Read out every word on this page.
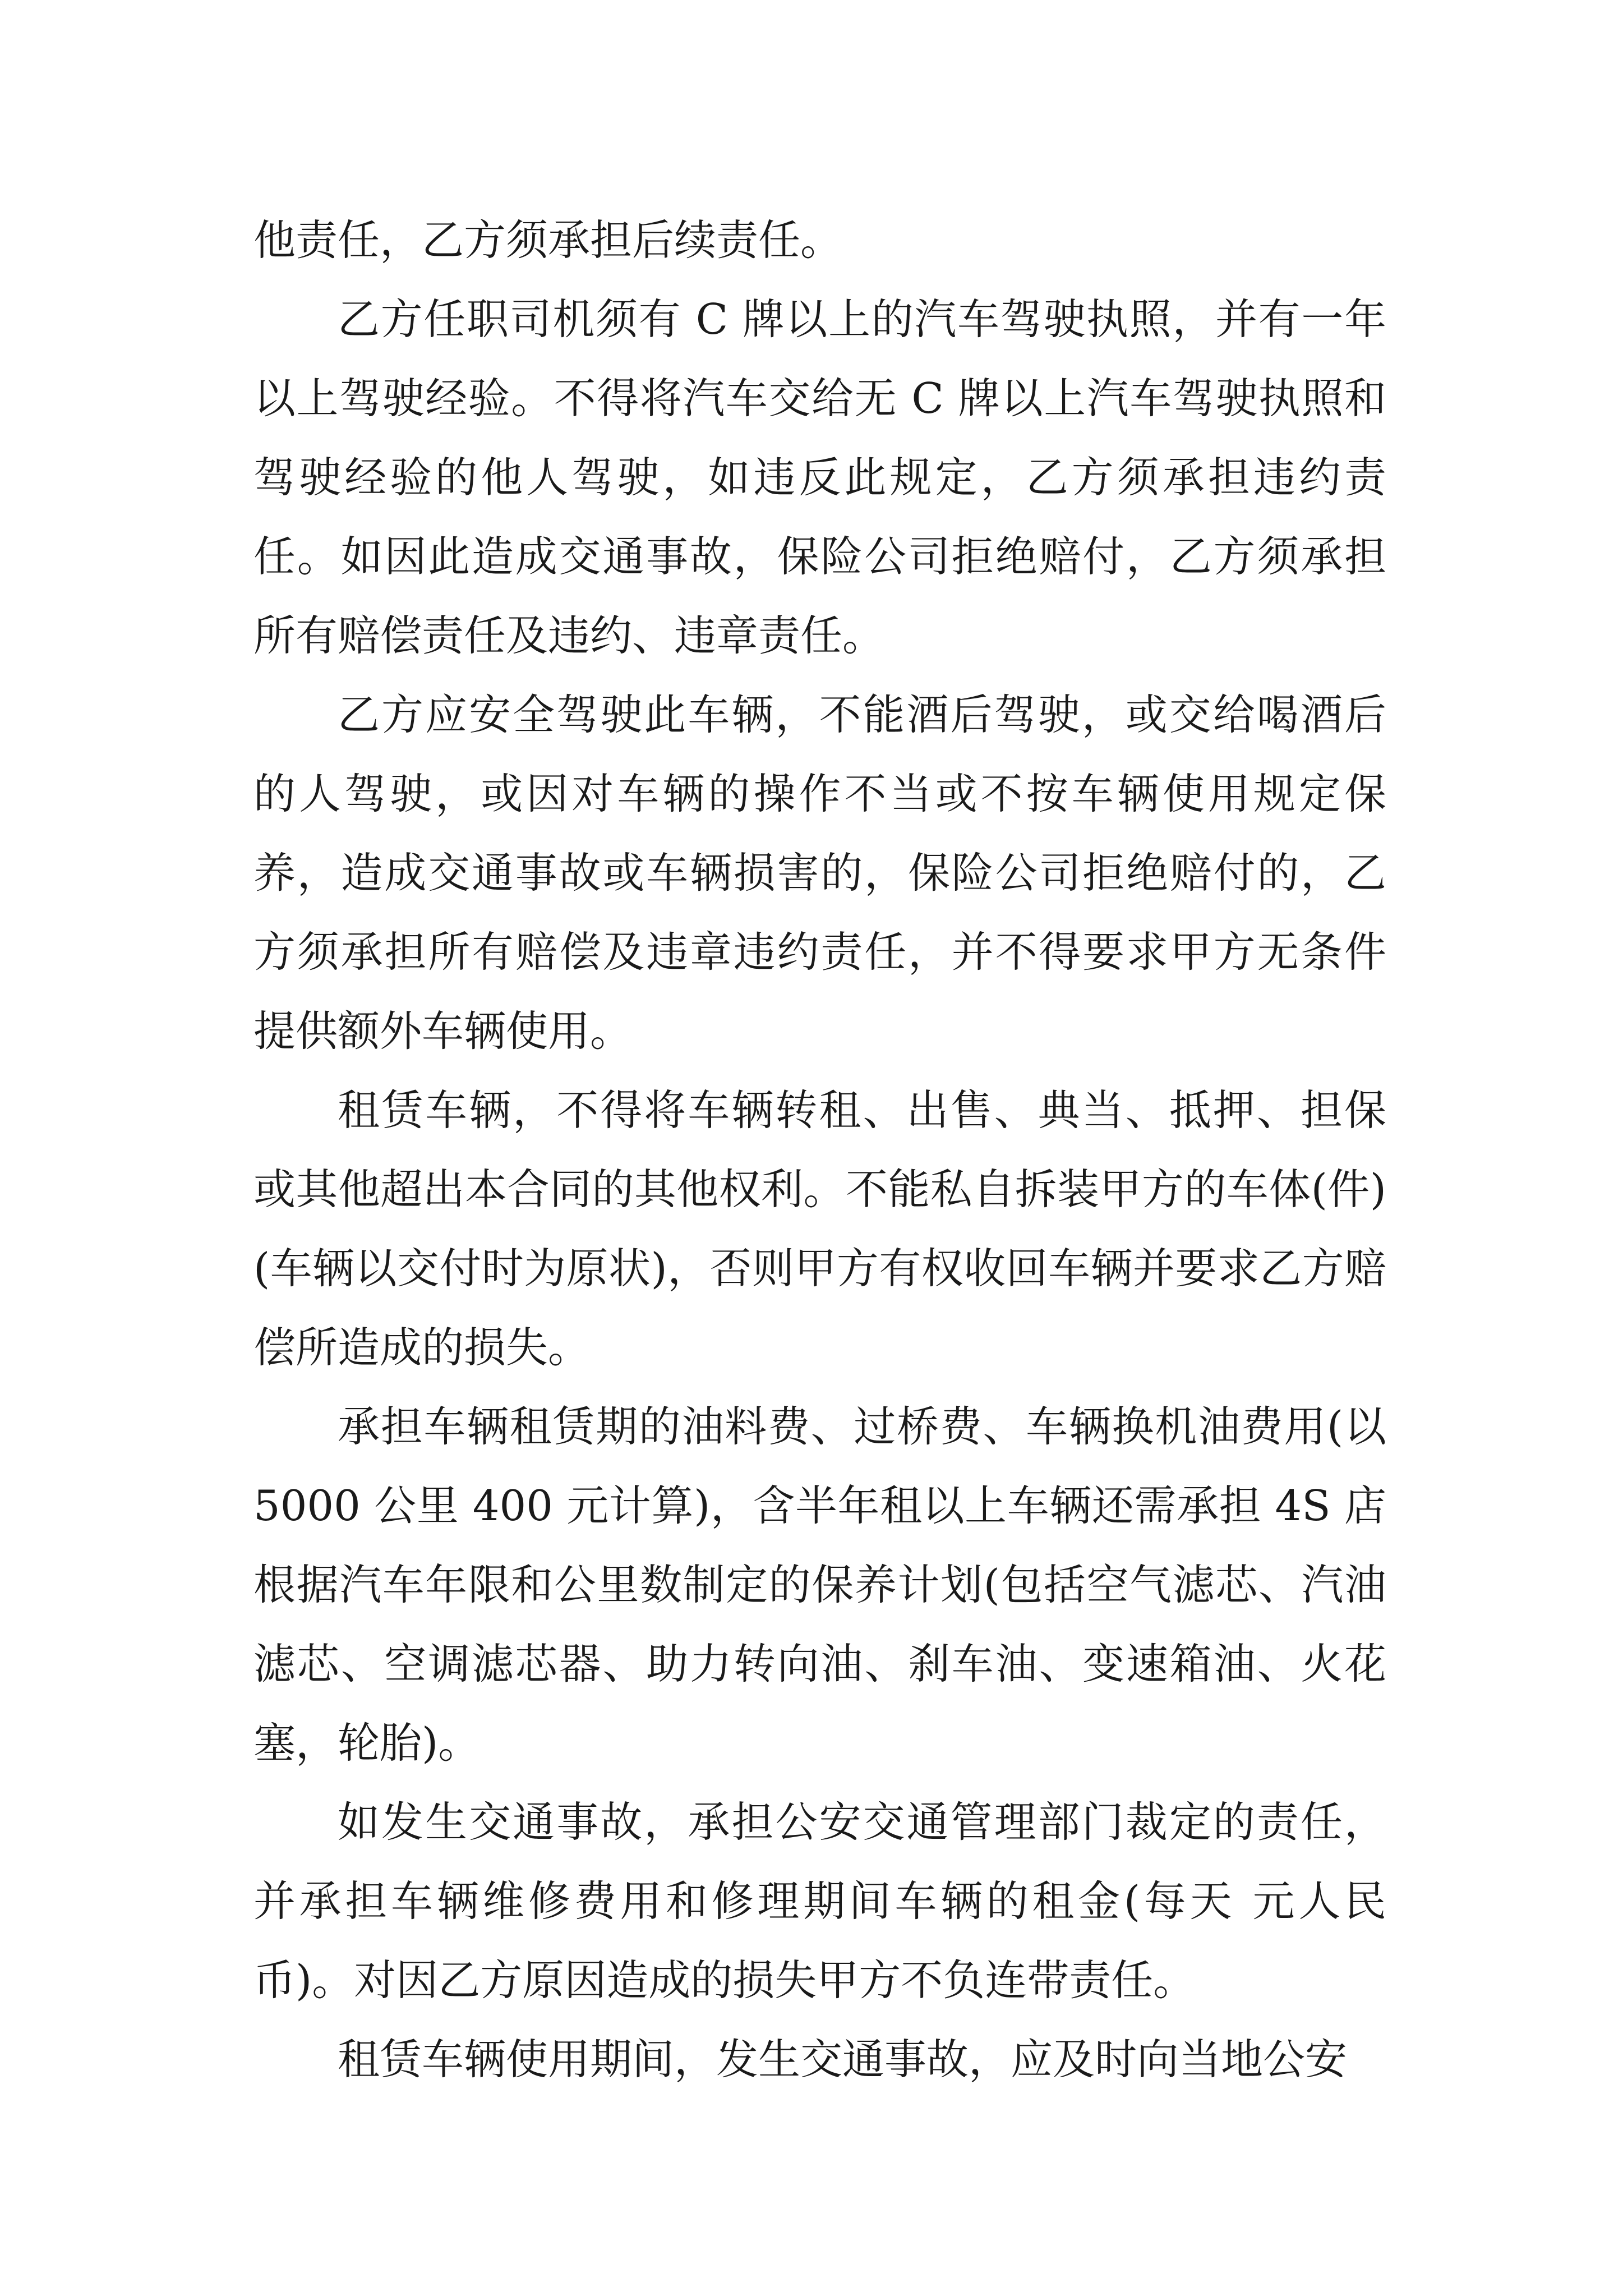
他责任，乙方须承担后续责任。

乙方任职司机须有 C 牌以上的汽车驾驶执照，并有一年以上驾驶经验。不得将汽车交给无 C 牌以上汽车驾驶执照和驾驶经验的他人驾驶，如违反此规定，乙方须承担违约责任。如因此造成交通事故，保险公司拒绝赔付，乙方须承担所有赔偿责任及违约、违章责任。

乙方应安全驾驶此车辆，不能酒后驾驶，或交给喝酒后的人驾驶，或因对车辆的操作不当或不按车辆使用规定保养，造成交通事故或车辆损害的，保险公司拒绝赔付的，乙方须承担所有赔偿及违章违约责任，并不得要求甲方无条件提供额外车辆使用。

租赁车辆，不得将车辆转租、出售、典当、抵押、担保或其他超出本合同的其他权利。不能私自拆装甲方的车体(件)(车辆以交付时为原状)，否则甲方有权收回车辆并要求乙方赔偿所造成的损失。

承担车辆租赁期的油料费、过桥费、车辆换机油费用(以 5000 公里 400 元计算)，含半年租以上车辆还需承担 4S 店根据汽车年限和公里数制定的保养计划(包括空气滤芯、汽油滤芯、空调滤芯器、助力转向油、刹车油、变速箱油、火花塞，轮胎)。

如发生交通事故，承担公安交通管理部门裁定的责任，并承担车辆维修费用和修理期间车辆的租金(每天 元人民币)。对因乙方原因造成的损失甲方不负连带责任。

租赁车辆使用期间，发生交通事故，应及时向当地公安
